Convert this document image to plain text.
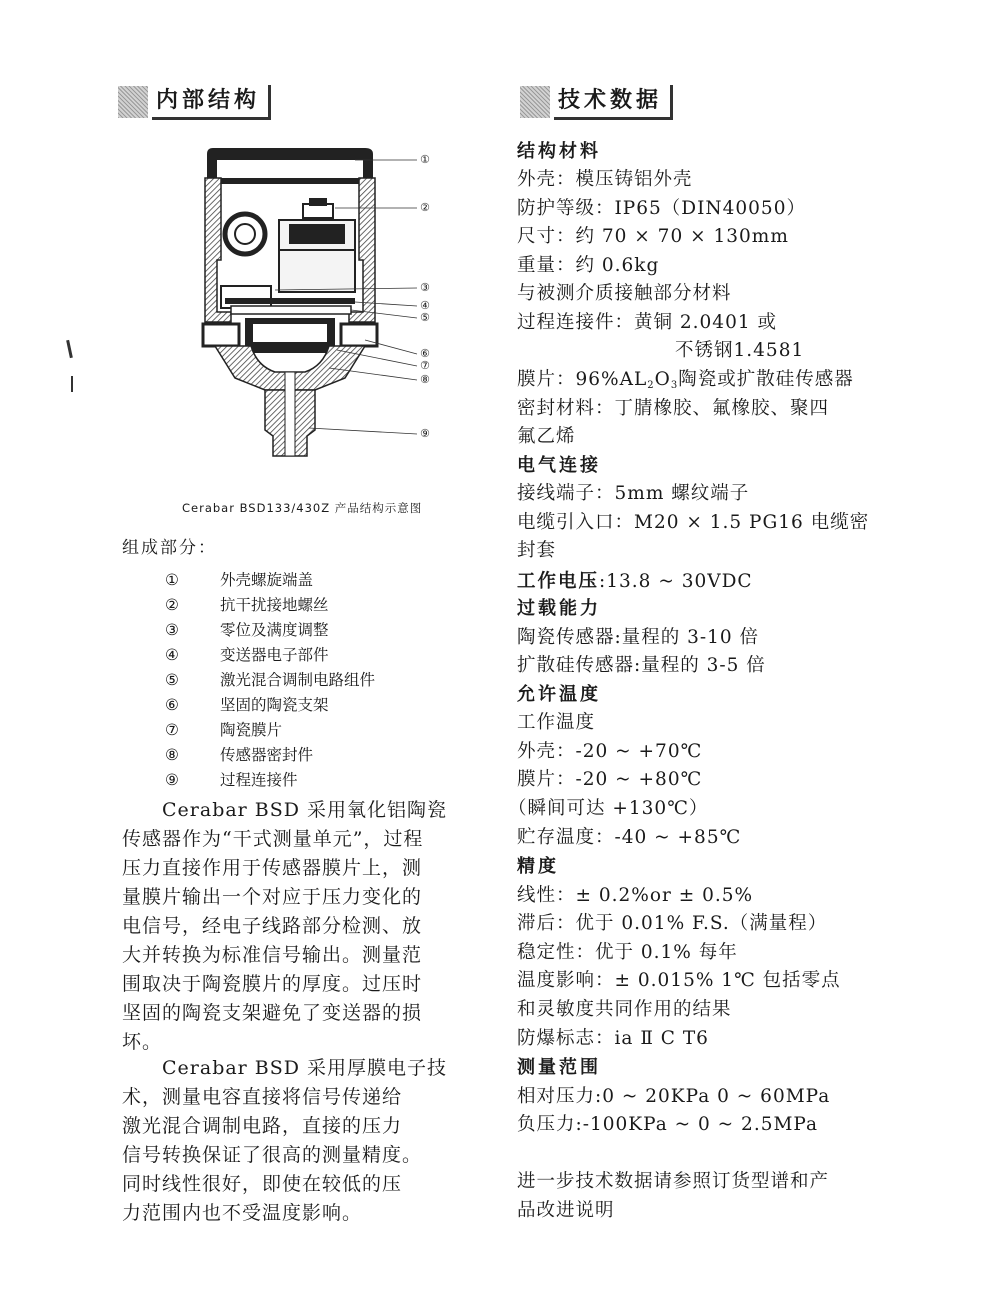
内部结构	技术数据
①
②
③
④
⑤
⑥
⑦
⑧
⑨
Cerabar BSD133/430Z 产品结构示意图
组成部分：
①	外壳螺旋端盖
②	抗干扰接地螺丝
③	零位及满度调整
④	变送器电子部件
⑤	激光混合调制电路组件
⑥	坚固的陶瓷支架
⑦	陶瓷膜片
⑧	传感器密封件
⑨	过程连接件
　　Cerabar BSD 采用氧化铝陶瓷
传感器作为“干式测量单元”，过程
压力直接作用于传感器膜片上，测
量膜片输出一个对应于压力变化的
电信号，经电子线路部分检测、放
大并转换为标准信号输出。测量范
围取决于陶瓷膜片的厚度。过压时
坚固的陶瓷支架避免了变送器的损
坏。
　　Cerabar BSD 采用厚膜电子技
术，测量电容直接将信号传递给
激光混合调制电路，直接的压力
信号转换保证了很高的测量精度。
同时线性很好，即使在较低的压
力范围内也不受温度影响。
结构材料
外壳：模压铸铝外壳
防护等级：IP65（DIN40050）
尺寸：约 70 × 70 × 130mm
重量：约 0.6kg
与被测介质接触部分材料
过程连接件：黄铜 2.0401 或
不锈钢1.4581
膜片：$96\%AL_2O_3$陶瓷或扩散硅传感器
密封材料：丁腈橡胶、氟橡胶、聚四
氟乙烯
电气连接
接线端子：5mm 螺纹端子
电缆引入口：M20 × 1.5 PG16 电缆密
封套
工作电压:13.8 ~ 30VDC
过载能力
陶瓷传感器:量程的 3-10 倍
扩散硅传感器:量程的 3-5 倍
允许温度
工作温度
外壳：-20 ~ +70℃
膜片：-20 ~ +80℃
（瞬间可达 +130℃）
贮存温度：-40 ~ +85℃
精度
线性：± 0.2%or ± 0.5%
滞后：优于 0.01% F.S.（满量程）
稳定性：优于 0.1% 每年
温度影响：± 0.015% 1℃ 包括零点
和灵敏度共同作用的结果
防爆标志：ia Ⅱ C T6
测量范围
相对压力:0 ~ 20KPa 0 ~ 60MPa
负压力:-100KPa ~ 0 ~ 2.5MPa
进一步技术数据请参照订货型谱和产
品改进说明
